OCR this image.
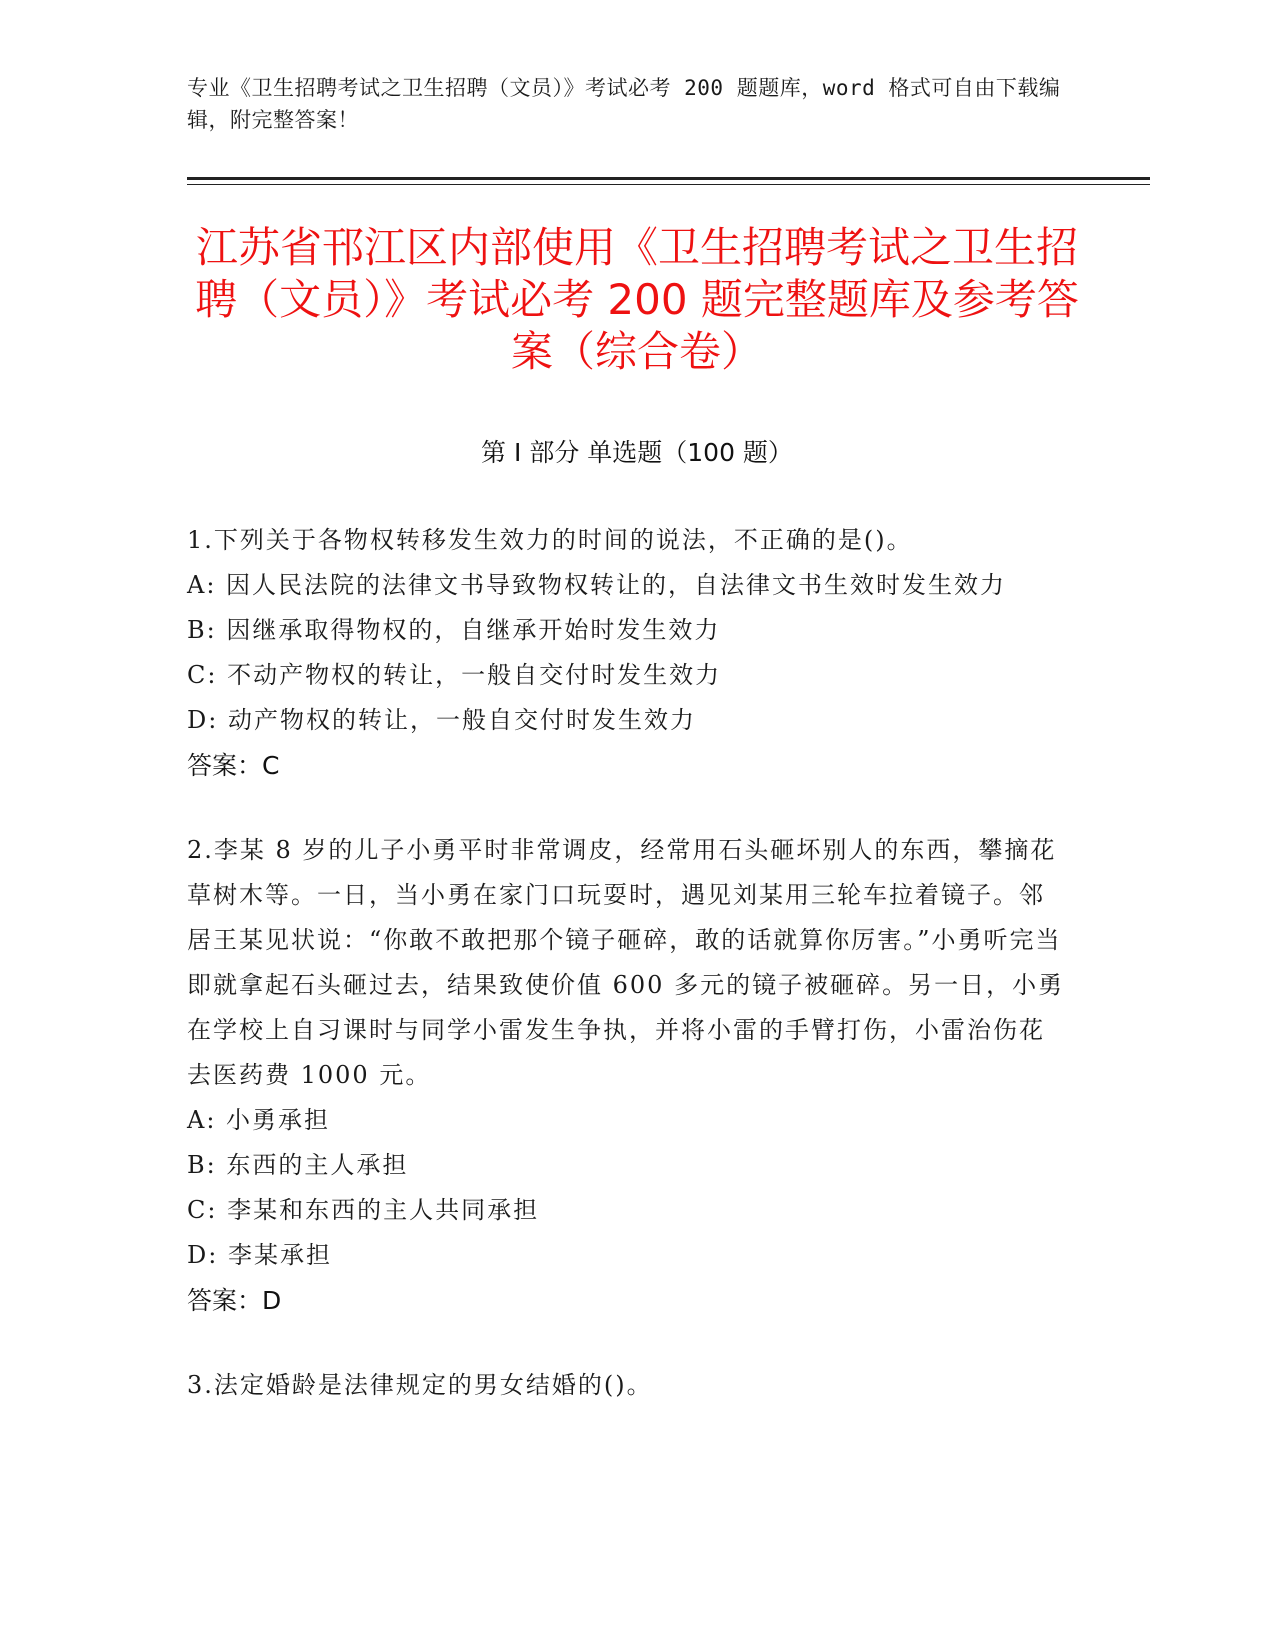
专业《卫生招聘考试之卫生招聘（文员）》考试必考 200 题题库，word 格式可自由下载编辑，附完整答案！
江苏省邗江区内部使用《卫生招聘考试之卫生招聘（文员）》考试必考 200 题完整题库及参考答案（综合卷）
第 I 部分 单选题（100 题）

1.下列关于各物权转移发生效力的时间的说法，不正确的是()。

A: 因人民法院的法律文书导致物权转让的，自法律文书生效时发生效力

B: 因继承取得物权的，自继承开始时发生效力

C: 不动产物权的转让，一般自交付时发生效力

D: 动产物权的转让，一般自交付时发生效力

答案：C

2.李某 8 岁的儿子小勇平时非常调皮，经常用石头砸坏别人的东西，攀摘花草树木等。一日，当小勇在家门口玩耍时，遇见刘某用三轮车拉着镜子。邻居王某见状说：“你敢不敢把那个镜子砸碎，敢的话就算你厉害。”小勇听完当即就拿起石头砸过去，结果致使价值 600 多元的镜子被砸碎。另一日，小勇在学校上自习课时与同学小雷发生争执，并将小雷的手臂打伤，小雷治伤花去医药费 1000 元。

A: 小勇承担

B: 东西的主人承担

C: 李某和东西的主人共同承担

D: 李某承担

答案：D

3.法定婚龄是法律规定的男女结婚的()。
